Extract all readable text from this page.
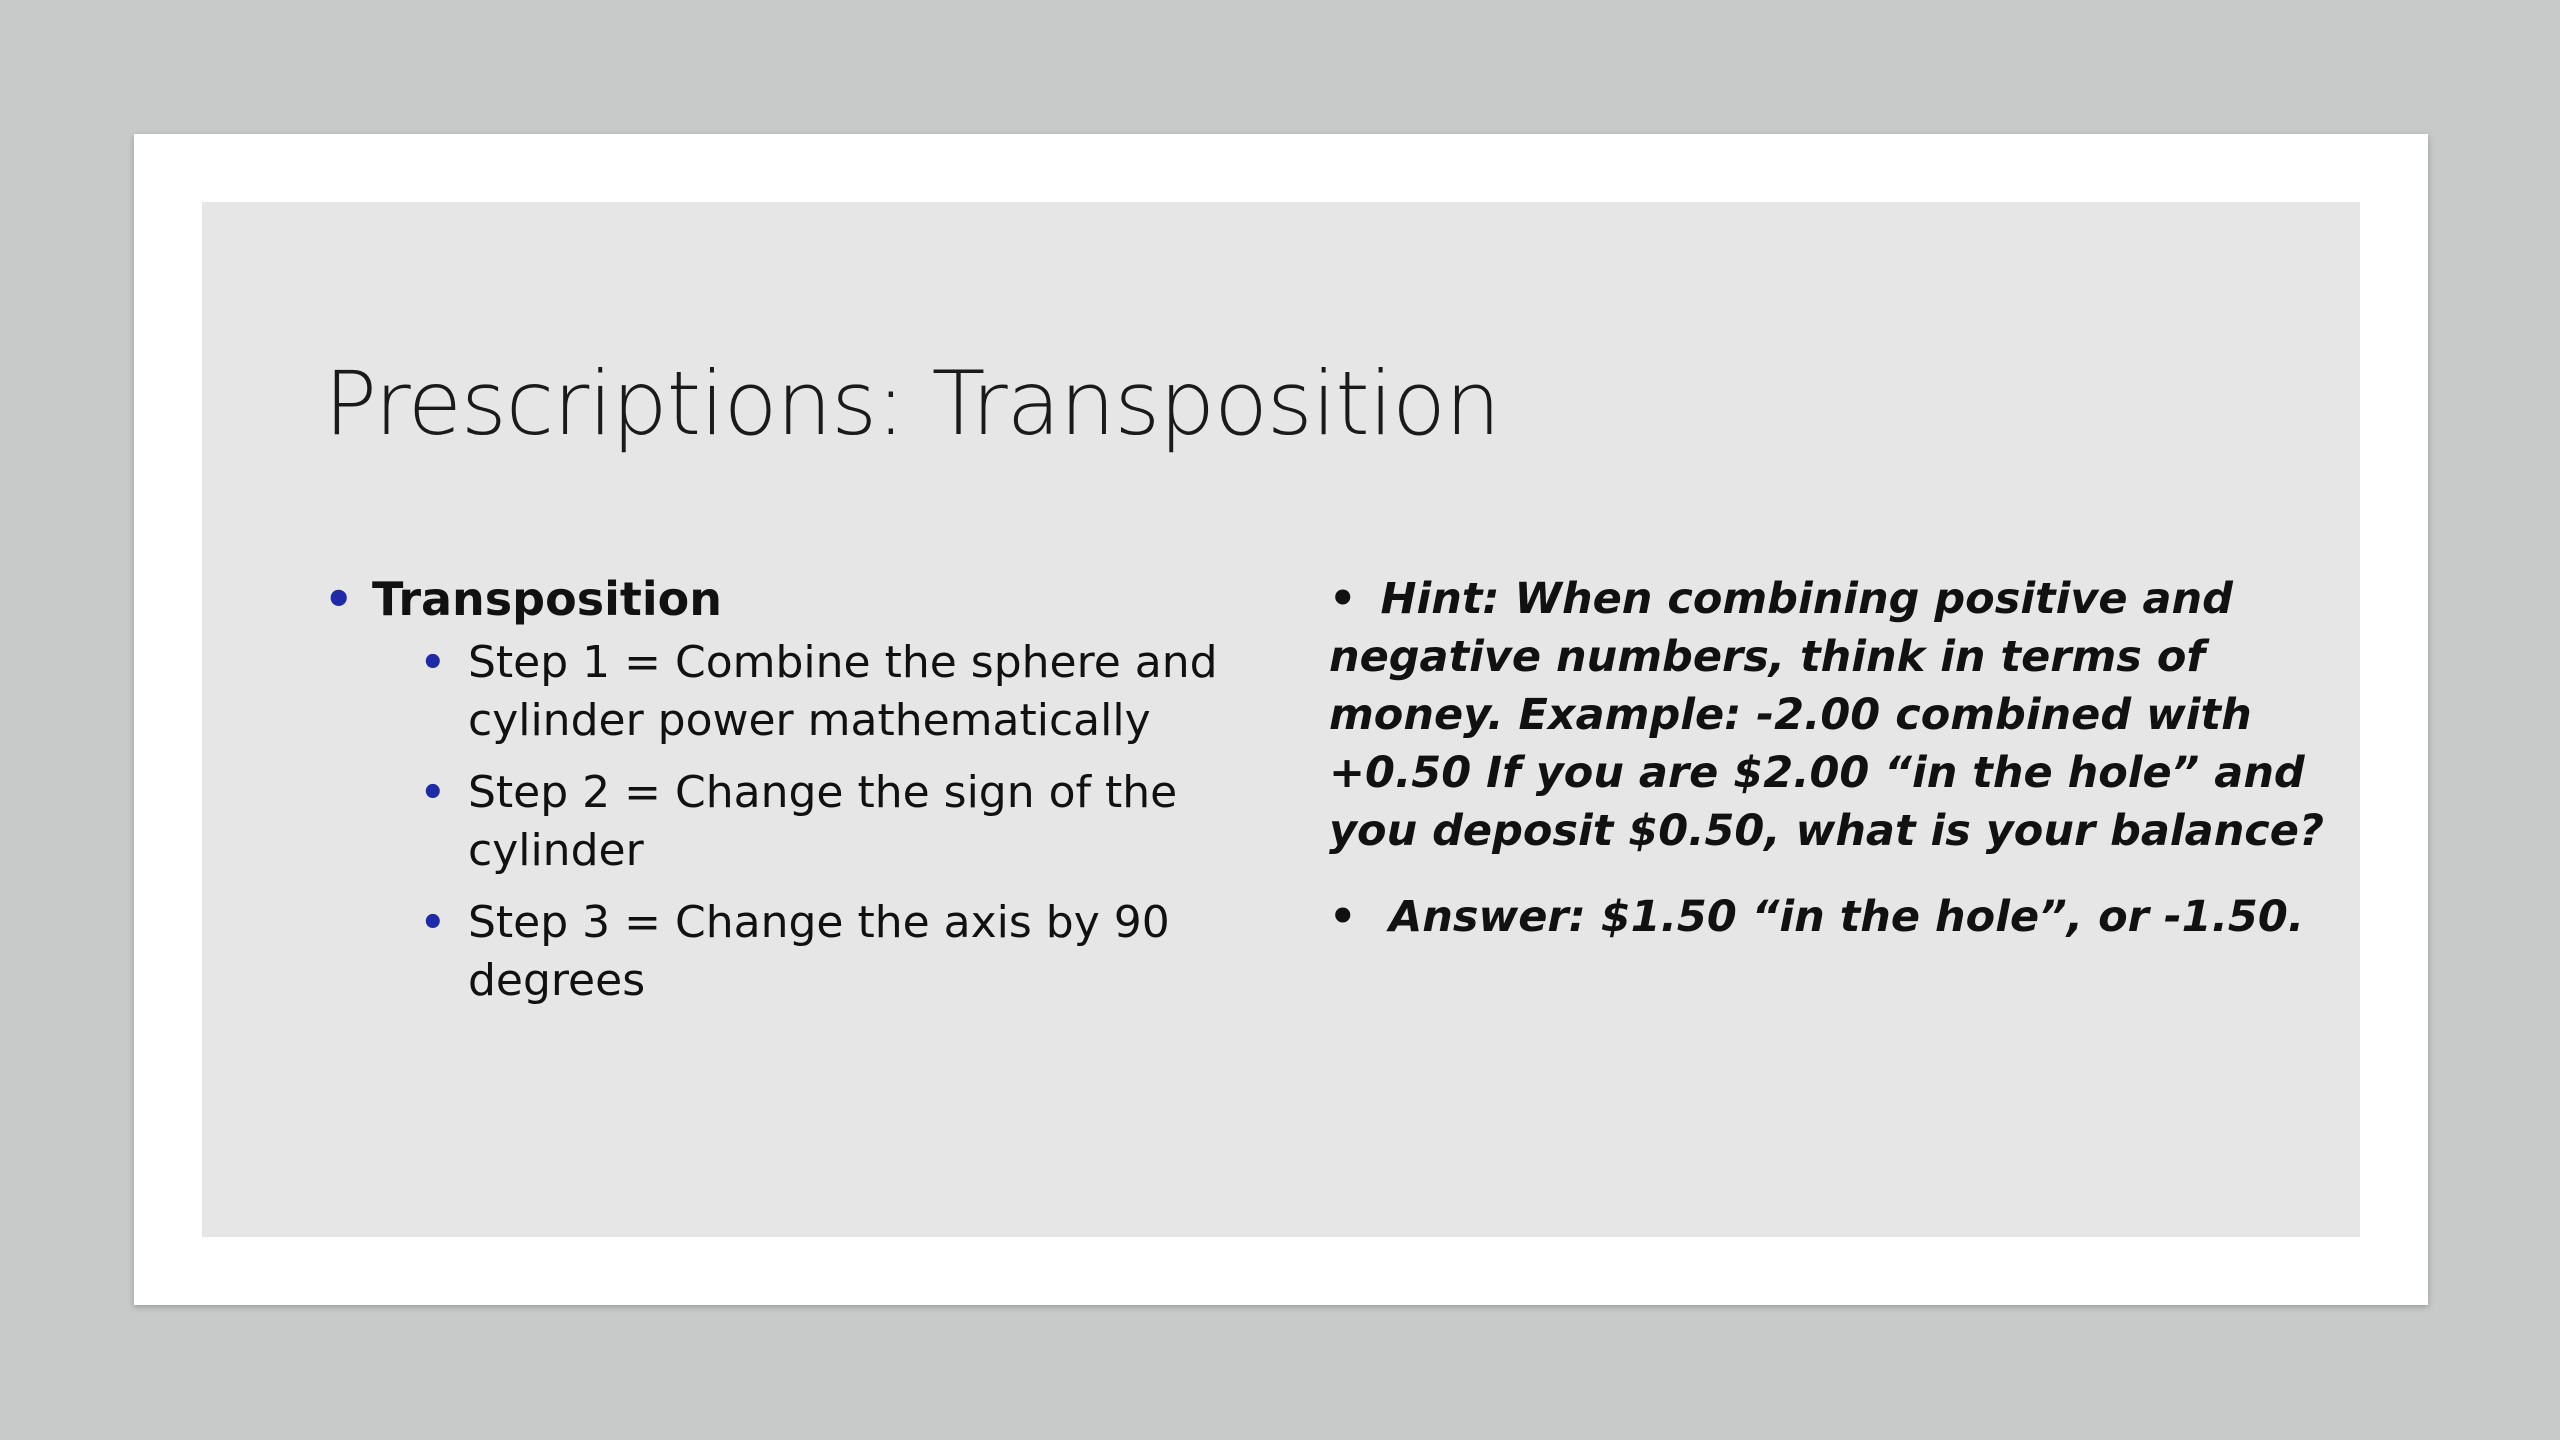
Prescriptions: Transposition
• Transposition
• Step 1 = Combine the sphere and cylinder power mathematically
• Step 2 = Change the sign of the cylinder
• Step 3 = Change the axis by 90 degrees

• Hint: When combining positive and negative numbers, think in terms of money. Example: -2.00 combined with +0.50 If you are $2.00 “in the hole” and you deposit $0.50, what is your balance?

• Answer: $1.50 “in the hole”, or -1.50.
